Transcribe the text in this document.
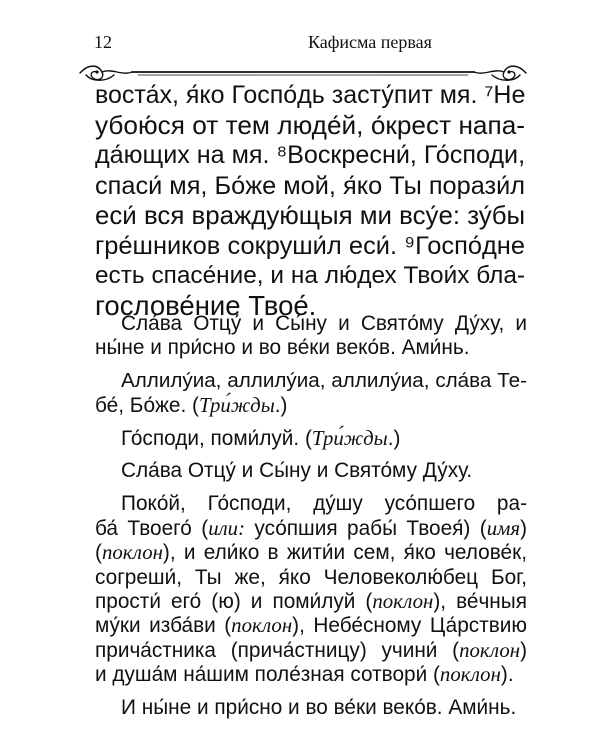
12	Кафисма первая
воста́х, я́ко Госпо́дь засту́пит мя. ⁷Не
убою́ся от тем люде́й, о́крест напа-
да́ющих на мя. ⁸Воскресни́, Го́споди,
спаси́ мя, Бо́же мой, я́ко Ты порази́л
еси́ вся враждую́щыя ми всу́е: зу́бы
гре́шников сокруши́л еси́. ⁹Госпо́дне
есть спасе́ние, и на лю́дех Твои́х бла-
гослове́ние Твое́.
Сла́ва Отцу́ и Сы́ну и Свято́му Ду́ху, и
ны́не и при́сно и во ве́ки веко́в. Ами́нь.
Аллилу́иа, аллилу́иа, аллилу́иа, сла́ва Те-
бе́, Бо́же. (Три́жды.)
Го́споди, поми́луй. (Три́жды.)
Сла́ва Отцу́ и Сы́ну и Свято́му Ду́ху.
Поко́й, Го́споди, ду́шу усо́пшего ра-
ба́ Твоего́ (или: усо́пшия рабы́ Твоея́) (имя)
(поклон), и ели́ко в жити́и сем, я́ко челове́к,
согреши́, Ты же, я́ко Человеколю́бец Бог,
прости́ его́ (ю) и поми́луй (поклон), ве́чныя
му́ки изба́ви (поклон), Небе́сному Ца́рствию
прича́стника (прича́стницу) учини́ (поклон)
и душа́м на́шим поле́зная сотвори́ (поклон).
И ны́не и при́сно и во ве́ки веко́в. Ами́нь.
